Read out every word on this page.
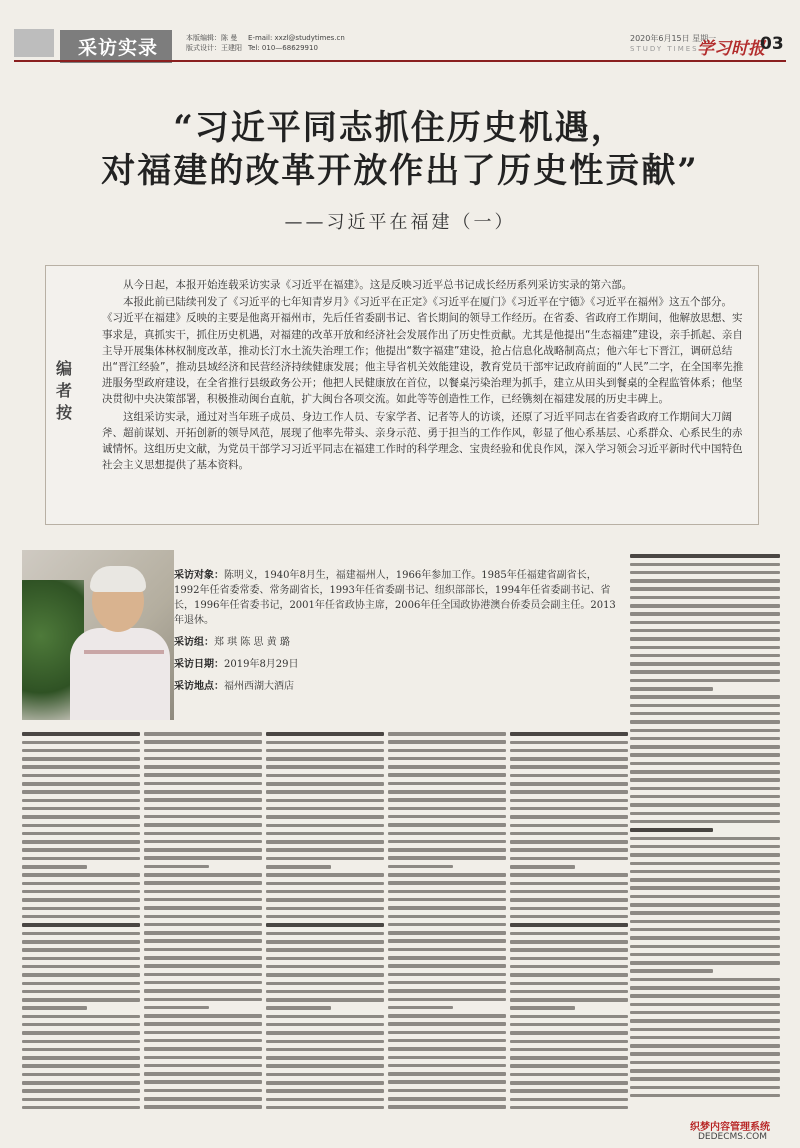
采访实录	本版编辑：陈 曼
版式设计：王建阳
E-mail: xxzl@studytimes.cn
Tel: 010—68629910
2020年6月15日 星期一
STUDY TIMES
学习时报
03
“习近平同志抓住历史机遇，
对福建的改革开放作出了历史性贡献”
——习近平在福建（一）
编者按

从今日起，本报开始连载采访实录《习近平在福建》。这是反映习近平总书记成长经历系列采访实录的第六部。

本报此前已陆续刊发了《习近平的七年知青岁月》《习近平在正定》《习近平在厦门》《习近平在宁德》《习近平在福州》这五个部分。《习近平在福建》反映的主要是他离开福州市，先后任省委副书记、省长期间的领导工作经历。在省委、省政府工作期间，他解放思想、实事求是，真抓实干，抓住历史机遇，对福建的改革开放和经济社会发展作出了历史性贡献。尤其是他提出“生态福建”建设，亲手抓起、亲自主导开展集体林权制度改革，推动长汀水土流失治理工作；他提出“数字福建”建设，抢占信息化战略制高点；他六年七下晋江，调研总结出“晋江经验”，推动县域经济和民营经济持续健康发展；他主导省机关效能建设，教育党员干部牢记政府前面的“人民”二字，在全国率先推进服务型政府建设，在全省推行县级政务公开；他把人民健康放在首位，以餐桌污染治理为抓手，建立从田头到餐桌的全程监管体系；他坚决贯彻中央决策部署，积极推动闽台直航，扩大闽台各项交流。如此等等创造性工作，已经镌刻在福建发展的历史丰碑上。

这组采访实录，通过对当年班子成员、身边工作人员、专家学者、记者等人的访谈，还原了习近平同志在省委省政府工作期间大刀阔斧、超前谋划、开拓创新的领导风范，展现了他率先带头、亲身示范、勇于担当的工作作风，彰显了他心系基层、心系群众、心系民生的赤诚情怀。这组历史文献，为党员干部学习习近平同志在福建工作时的科学理念、宝贵经验和优良作风，深入学习领会习近平新时代中国特色社会主义思想提供了基本资料。

采访对象：陈明义，1940年8月生，福建福州人，1966年参加工作。1985年任福建省副省长，1992年任省委常委、常务副省长，1993年任省委副书记、纽织部部长，1994年任省委副书记、省长，1996年任省委书记，2001年任省政协主席，2006年任全国政协港澳台侨委员会副主任。2013年退休。
采访组：郑 琪 陈 思 黄 璐
采访日期：2019年8月29日
采访地点：福州西湖大酒店
织梦内容管理系统
DEDECMS.COM
